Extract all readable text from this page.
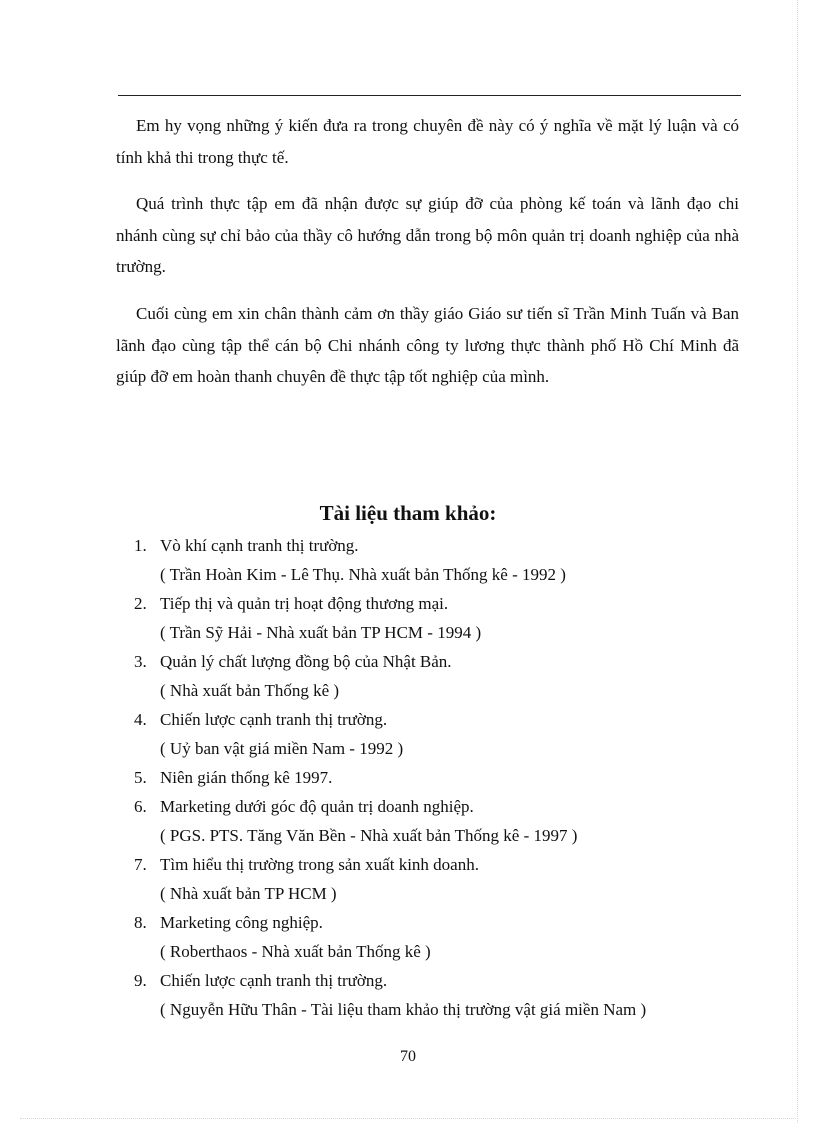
Em hy vọng những ý kiến đưa ra trong chuyên đề này có ý nghĩa về mặt lý luận và có tính khả thi trong thực tế.

Quá trình thực tập em đã nhận được sự giúp đỡ của phòng kế toán và lãnh đạo chi nhánh cùng sự chỉ bảo của thầy cô hướng dẫn trong bộ môn quản trị doanh nghiệp của nhà trường.

Cuối cùng em xin chân thành cảm ơn thầy giáo Giáo sư tiến sĩ Trần Minh Tuấn và Ban lãnh đạo cùng tập thể cán bộ Chi nhánh công ty lương thực thành phố Hồ Chí Minh đã giúp đỡ em hoàn thanh chuyên đề thực tập tốt nghiệp của mình.

Tài liệu tham khảo:
1. Vò khí cạnh tranh thị trường.
( Trần Hoàn Kim - Lê Thụ. Nhà xuất bản Thống kê - 1992 )
2. Tiếp thị và quản trị hoạt động thương mại.
( Trần Sỹ Hải - Nhà xuất bản TP HCM - 1994 )
3. Quản lý chất lượng đồng bộ của Nhật Bản.
( Nhà xuất bản Thống kê )
4. Chiến lược cạnh tranh thị trường.
( Uỷ ban vật giá miền Nam - 1992 )
5. Niên gián thống kê 1997.
6. Marketing dưới góc độ quản trị doanh nghiệp.
( PGS. PTS. Tăng Văn Bền - Nhà xuất bản Thống kê - 1997 )
7. Tìm hiểu thị trường trong sản xuất kinh doanh.
( Nhà xuất bản TP HCM )
8. Marketing công nghiệp.
( Roberthaos - Nhà xuất bản Thống kê )
9. Chiến lược cạnh tranh thị trường.
( Nguyễn Hữu Thân - Tài liệu tham khảo thị trường vật giá miền Nam )
70
